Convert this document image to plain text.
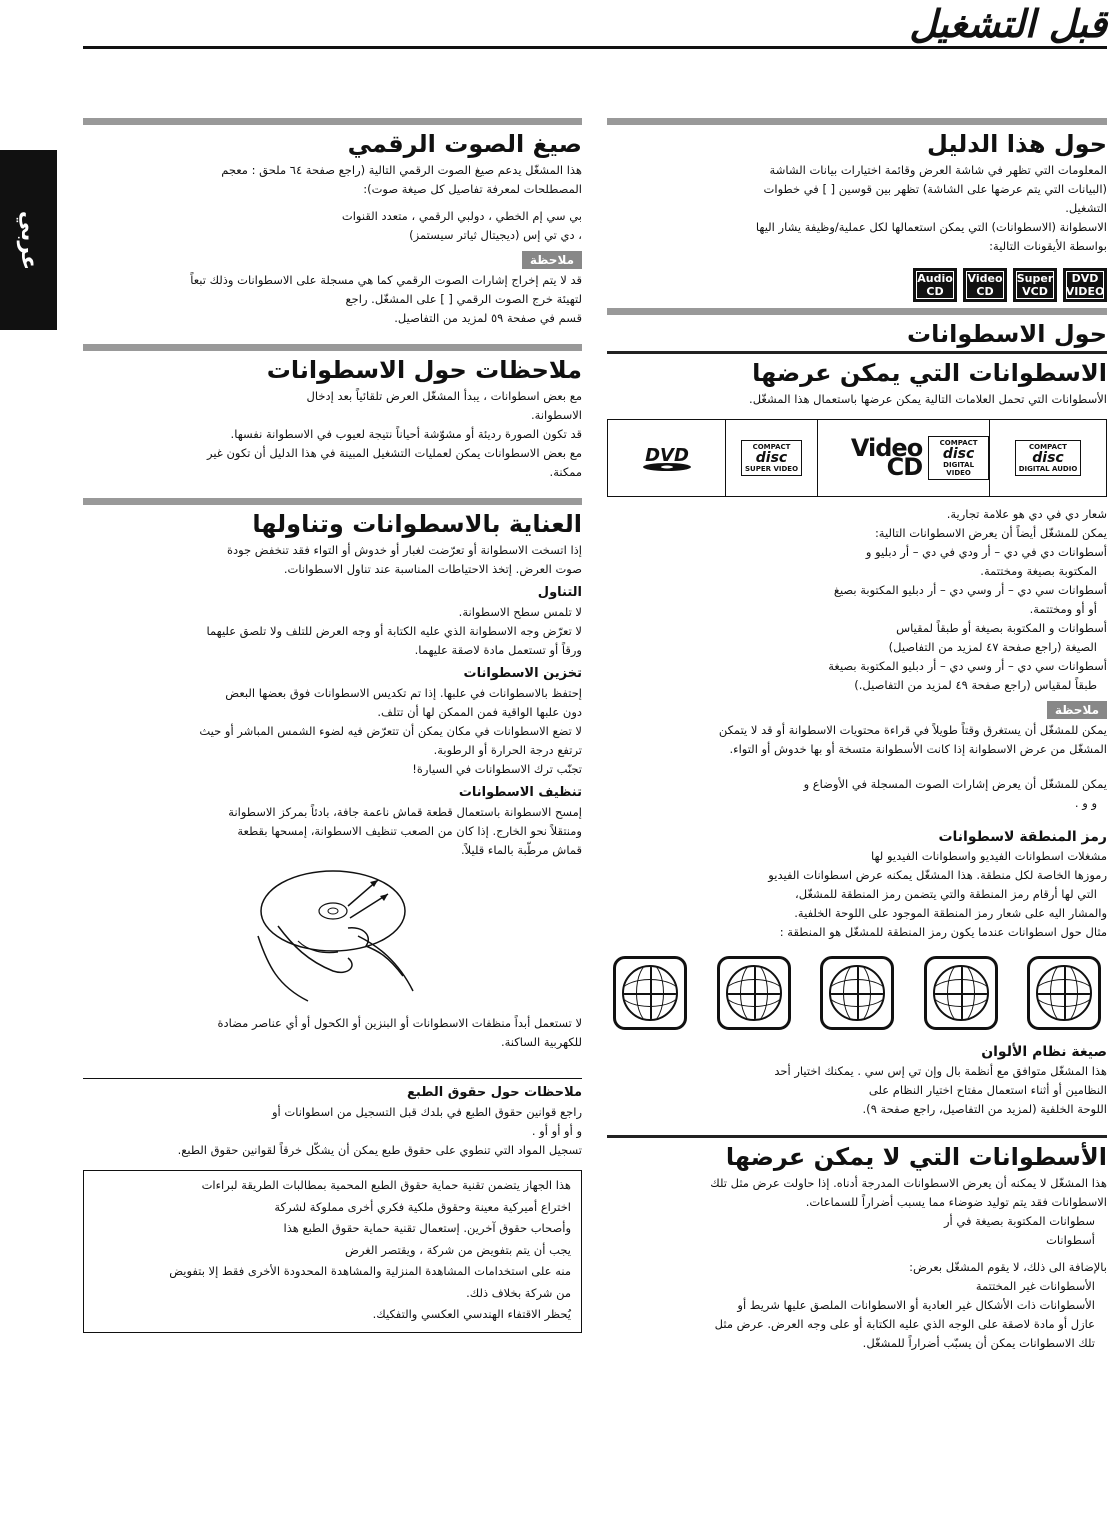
قبل التشغيل
عربي
حول هذا الدليل

المعلومات التي تظهر في شاشة العرض وقائمة اختيارات بيانات الشاشة

(البيانات التي يتم عرضها على الشاشة) تظهر بين قوسين [ ] في خطوات

التشغيل.

الاسطوانة (الاسطوانات) التي يمكن استعمالها لكل عملية/وظيفة يشار اليها

بواسطة الأيقونات التالية:

DVD
VIDEO
Super
VCD
Video
CD
Audio
CD
حول الاسطوانات
الاسطوانات التي يمكن عرضها

الأسطوانات التي تحمل العلامات التالية يمكن عرضها باستعمال هذا المشغّل.

DVD	COMPACT
disc
SUPER VIDEO
Video CD
COMPACT
disc
DIGITAL VIDEO
COMPACT
disc
DIGITAL AUDIO

شعار دي في دي هو علامة تجارية.

يمكن للمشغّل أيضاً أن يعرض الاسطوانات التالية:

أسطوانات دي في دي – أر ودي في دي – أر دبليو و

المكتوبة بصيغة ومختتمة.

أسطوانات سي دي – أر وسي دي – أر دبليو المكتوبة بصيغ

أو أو ومختتمة.

أسطوانات و المكتوبة بصيغة أو طبقاً لمقياس

الصيغة (راجع صفحة ٤٧ لمزيد من التفاصيل)

أسطوانات سي دي – أر وسي دي – أر دبليو المكتوبة بصيغة

طبقاً لمقياس (راجع صفحة ٤٩ لمزيد من التفاصيل.)

ملاحظة

يمكن للمشغّل أن يستغرق وقتاً طويلاً في قراءة محتويات الاسطوانة أو قد لا يتمكن

المشغّل من عرض الاسطوانة إذا كانت الأسطوانة متسخة أو بها خدوش أو التواء.

يمكن للمشغّل أن يعرض إشارات الصوت المسجلة في الأوضاع و

و و .

رمز المنطقة لاسطوانات

مشغلات اسطوانات الفيديو واسطوانات الفيديو لها

رموزها الخاصة لكل منطقة. هذا المشغّل يمكنه عرض اسطوانات الفيديو

التي لها أرقام رمز المنطقة والتي يتضمن رمز المنطقة للمشغّل،

والمشار اليه على شعار رمز المنطقة الموجود على اللوحة الخلفية.

مثال حول اسطوانات عندما يكون رمز المنطقة للمشغّل هو المنطقة :

صيغة نظام الألوان

هذا المشغّل متوافق مع أنظمة بال وإن تي إس سي . يمكنك اختيار أحد

النظامين أو أثناء استعمال مفتاح اختيار النظام على

اللوحة الخلفية (لمزيد من التفاصيل، راجع صفحة ٩).

الأسطوانات التي لا يمكن عرضها

هذا المشغّل لا يمكنه أن يعرض الاسطوانات المدرجة أدناه. إذا حاولت عرض مثل تلك

الاسطوانات فقد يتم توليد ضوضاء مما يسبب أضراراً للسماعات.

سطوانات المكتوبة بصيغة في أر

أسطوانات

بالإضافة الى ذلك، لا يقوم المشغّل بعرض:

الأسطوانات غير المختتمة

الأسطوانات ذات الأشكال غير العادية أو الاسطوانات الملصق عليها شريط أو

عازل أو مادة لاصقة على الوجه الذي عليه الكتابة أو على وجه العرض. عرض مثل

تلك الاسطوانات يمكن أن يسبّب أضراراً للمشغّل.

صيغ الصوت الرقمي

هذا المشغّل يدعم صيغ الصوت الرقمي التالية (راجع صفحة ٦٤ ملحق : معجم

المصطلحات لمعرفة تفاصيل كل صيغة صوت):

بي سي إم الخطي ، دولبي الرقمي ، متعدد القنوات

، دي تي إس (ديجيتال ثياتر سيستمز)

ملاحظة

قد لا يتم إخراج إشارات الصوت الرقمي كما هي مسجلة على الاسطوانات وذلك تبعاً

لتهيئة خرج الصوت الرقمي [ ] على المشغّل. راجع

قسم في صفحة ٥٩ لمزيد من التفاصيل.

ملاحظات حول الاسطوانات

مع بعض اسطوانات ، يبدأ المشغّل العرض تلقائياً بعد إدخال

الاسطوانة.

قد تكون الصورة رديئة أو مشوّشة أحياناً نتيجة لعيوب في الاسطوانة نفسها.

مع بعض الاسطوانات يمكن لعمليات التشغيل المبينة في هذا الدليل أن تكون غير

ممكنة.

العناية بالاسطوانات وتناولها

إذا اتسخت الاسطوانة أو تعرّضت لغبار أو خدوش أو التواء فقد تنخفض جودة

صوت العرض. إتخذ الاحتياطات المناسبة عند تناول الاسطوانات.

التناول

لا تلمس سطح الاسطوانة.

لا تعرّض وجه الاسطوانة الذي عليه الكتابة أو وجه العرض للتلف ولا تلصق عليهما

ورقاً أو تستعمل مادة لاصقة عليهما.

تخزين الاسطوانات

إحتفظ بالاسطوانات في علبها. إذا تم تكديس الاسطوانات فوق بعضها البعض

دون علبها الواقية فمن الممكن لها أن تتلف.

لا تضع الاسطوانات في مكان يمكن أن تتعرّض فيه لضوء الشمس المباشر أو حيث

ترتفع درجة الحرارة أو الرطوبة.

تجنّب ترك الاسطوانات في السيارة!

تنظيف الاسطوانات

إمسح الاسطوانة باستعمال قطعة قماش ناعمة جافة، بادئاً بمركز الاسطوانة

ومنتقلاً نحو الخارج. إذا كان من الصعب تنظيف الاسطوانة، إمسحها بقطعة

قماش مرطّبة بالماء قليلاً.

لا تستعمل أبداً منظفات الاسطوانات أو البنزين أو الكحول أو أي عناصر مضادة

للكهربية الساكنة.

ملاحظات حول حقوق الطبع

راجع قوانين حقوق الطبع في بلدك قبل التسجيل من اسطوانات أو

و أو أو أو .

تسجيل المواد التي تنطوي على حقوق طبع يمكن أن يشكّل خرقاً لقوانين حقوق الطبع.

هذا الجهاز يتضمن تقنية حماية حقوق الطبع المحمية بمطالبات الطريقة لبراءات

اختراع أميركية معينة وحقوق ملكية فكري أخرى مملوكة لشركة

وأصحاب حقوق آخرين. إستعمال تقنية حماية حقوق الطبع هذا

يجب أن يتم بتفويض من شركة ، ويقتصر الغرض

منه على استخدامات المشاهدة المنزلية والمشاهدة المحدودة الأخرى فقط إلا بتفويض

من شركة بخلاف ذلك.

يُحظر الاقتفاء الهندسي العكسي والتفكيك.
